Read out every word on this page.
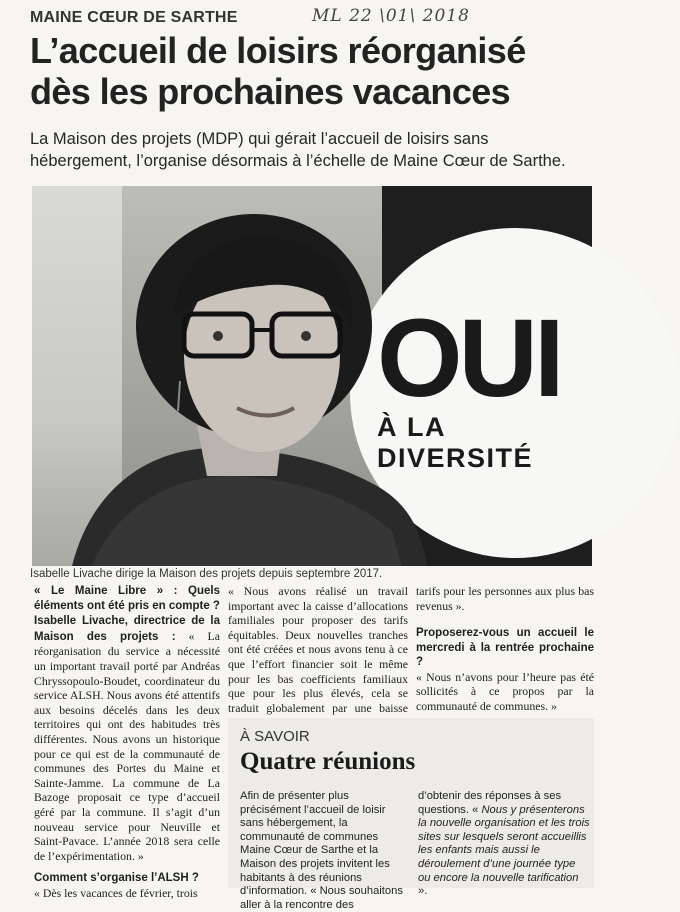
MAINE CŒUR DE SARTHE	ML 22 \01\ 2018
L’accueil de loisirs réorganisé dès les prochaines vacances

La Maison des projets (MDP) qui gérait l’accueil de loisirs sans hébergement, l’organise désormais à l’échelle de Maine Cœur de Sarthe.

OUI
À LA DIVERSITÉ
Isabelle Livache dirige la Maison des projets depuis septembre 2017.

« Le Maine Libre » : Quels éléments ont été pris en compte ?

Isabelle Livache, directrice de la Maison des projets : « La réorganisation du service a nécessité un important travail porté par Andréas Chryssopoulo-Boudet, coordinateur du service ALSH. Nous avons été attentifs aux besoins décelés dans les deux territoires qui ont des habitudes très différentes. Nous avons un historique pour ce qui est de la communauté de communes des Portes du Maine et Sainte-Jamme. La commune de La Bazoge proposait ce type d’accueil géré par la commune. Il s’agit d’un nouveau service pour Neuville et Saint-Pavace. L’année 2018 sera celle de l’expérimentation. »

Comment s’organise l’ALSH ?

« Dès les vacances de février, trois

« Nous avons réalisé un travail important avec la caisse d’allocations familiales pour proposer des tarifs équitables. Deux nouvelles tranches ont été créées et nous avons tenu à ce que l’effort financier soit le même pour les bas coefficients familiaux que pour les plus élevés, cela se traduit globalement par une baisse

tarifs pour les personnes aux plus bas revenus ».

Proposerez-vous un accueil le mercredi à la rentrée prochaine ?

« Nous n’avons pour l’heure pas été sollicités à ce propos par la communauté de communes. »

À SAVOIR
Quatre réunions
Afin de présenter plus précisément l’accueil de loisir sans hébergement, la communauté de communes Maine Cœur de Sarthe et la Maison des projets invitent les habitants à des réunions d’information. « Nous souhaitons aller à la rencontre des
d’obtenir des réponses à ses questions. « Nous y présenterons la nouvelle organisation et les trois sites sur lesquels seront accueillis les enfants mais aussi le déroulement d’une journée type ou encore la nouvelle tarification ».
